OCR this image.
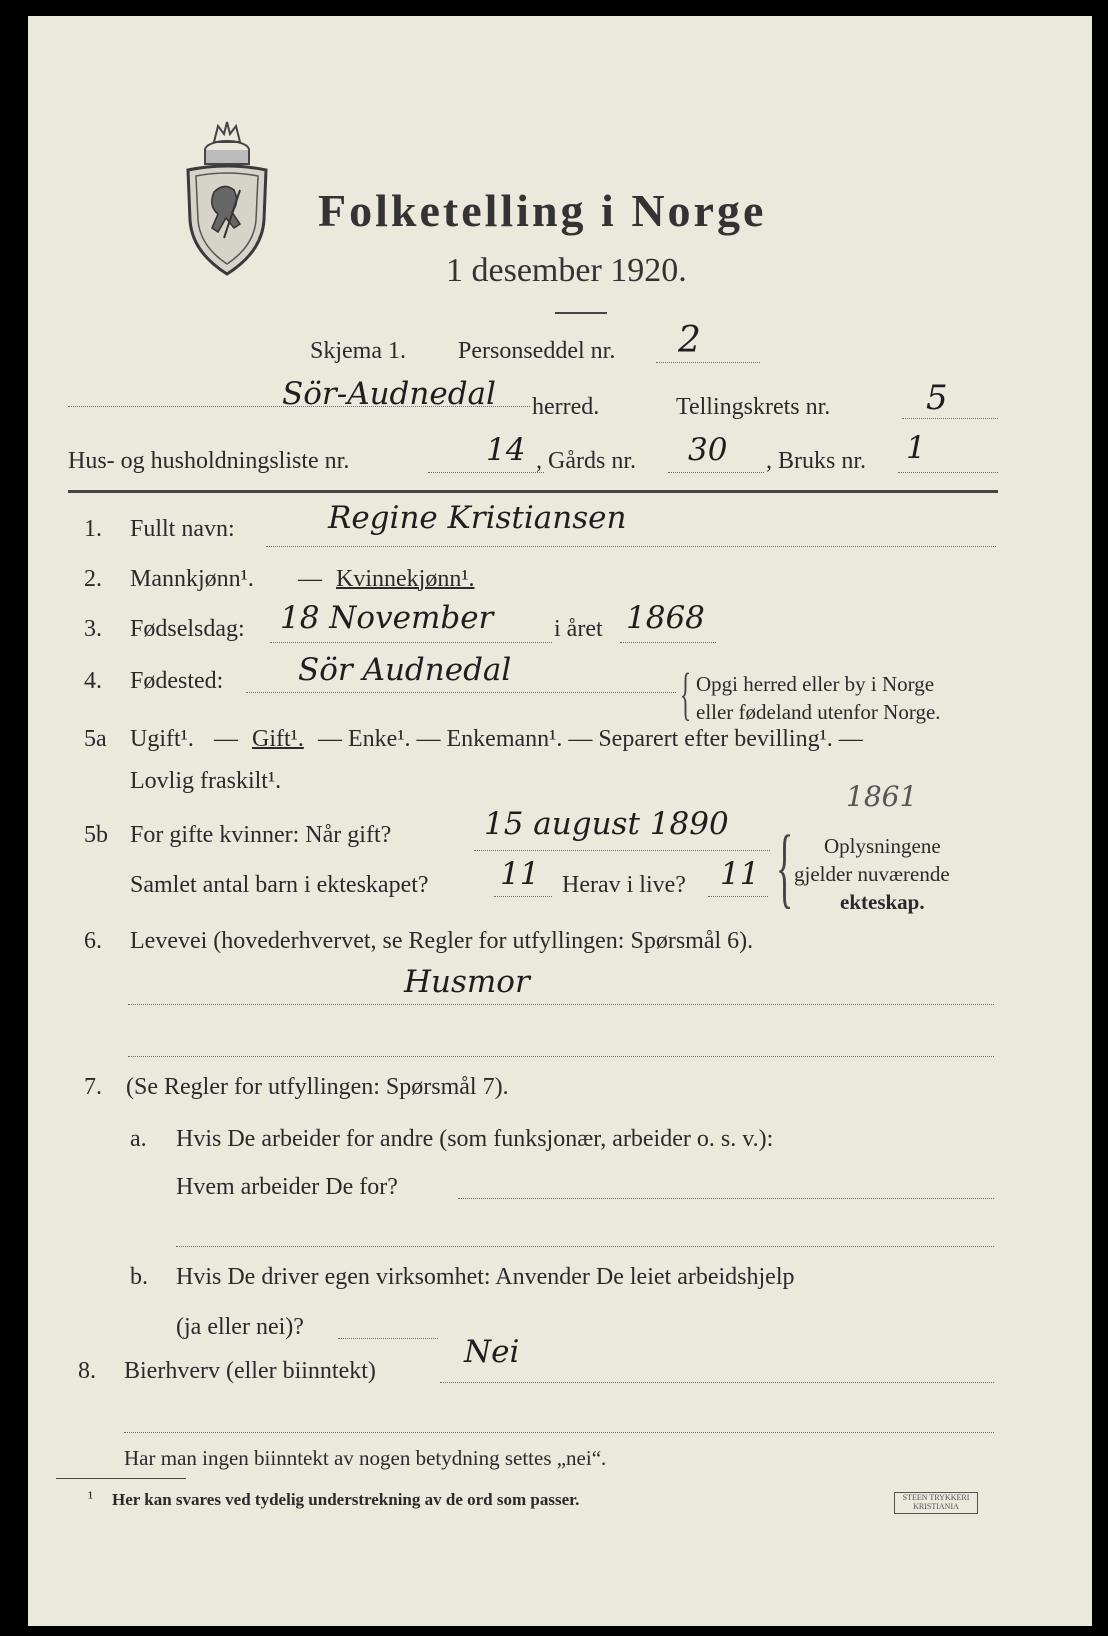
Folketelling i Norge
1 desember 1920.
Skjema 1. Personseddel nr. 2
Sör-Audnedal herred.	Tellingskrets nr.	5
Hus- og husholdningsliste nr.	14 , Gårds nr. 30 , Bruks nr. 1
1. Fullt navn:	Regine Kristiansen
2. Mannkjønn¹. — Kvinnekjønn¹.
3. Fødselsdag: 18 November	i året 1868
4. Fødested: Sör Audnedal	{ Opgi herred eller by i Norge
eller fødeland utenfor Norge.
5a Ugift¹. — Gift¹. — Enke¹. — Enkemann¹. — Separert efter bevilling¹. —
Lovlig fraskilt¹.
5b For gifte kvinner: Når gift?	15 august 1890
1861
Samlet antal barn i ekteskapet? 11 Herav i live? 11 { Oplysningene
gjelder nuværende
ekteskap.
6. Levevei (hovederhvervet, se Regler for utfyllingen: Spørsmål 6).
Husmor
7. (Se Regler for utfyllingen: Spørsmål 7).
a. Hvis De arbeider for andre (som funksjonær, arbeider o. s. v.):
Hvem arbeider De for?
b. Hvis De driver egen virksomhet: Anvender De leiet arbeidshjelp
(ja eller nei)?
8. Bierhverv (eller biinntekt)
Nei
Har man ingen biinntekt av nogen betydning settes „nei“.
¹ Her kan svares ved tydelig understrekning av de ord som passer.	STEEN TRYKKERI
KRISTIANIA
